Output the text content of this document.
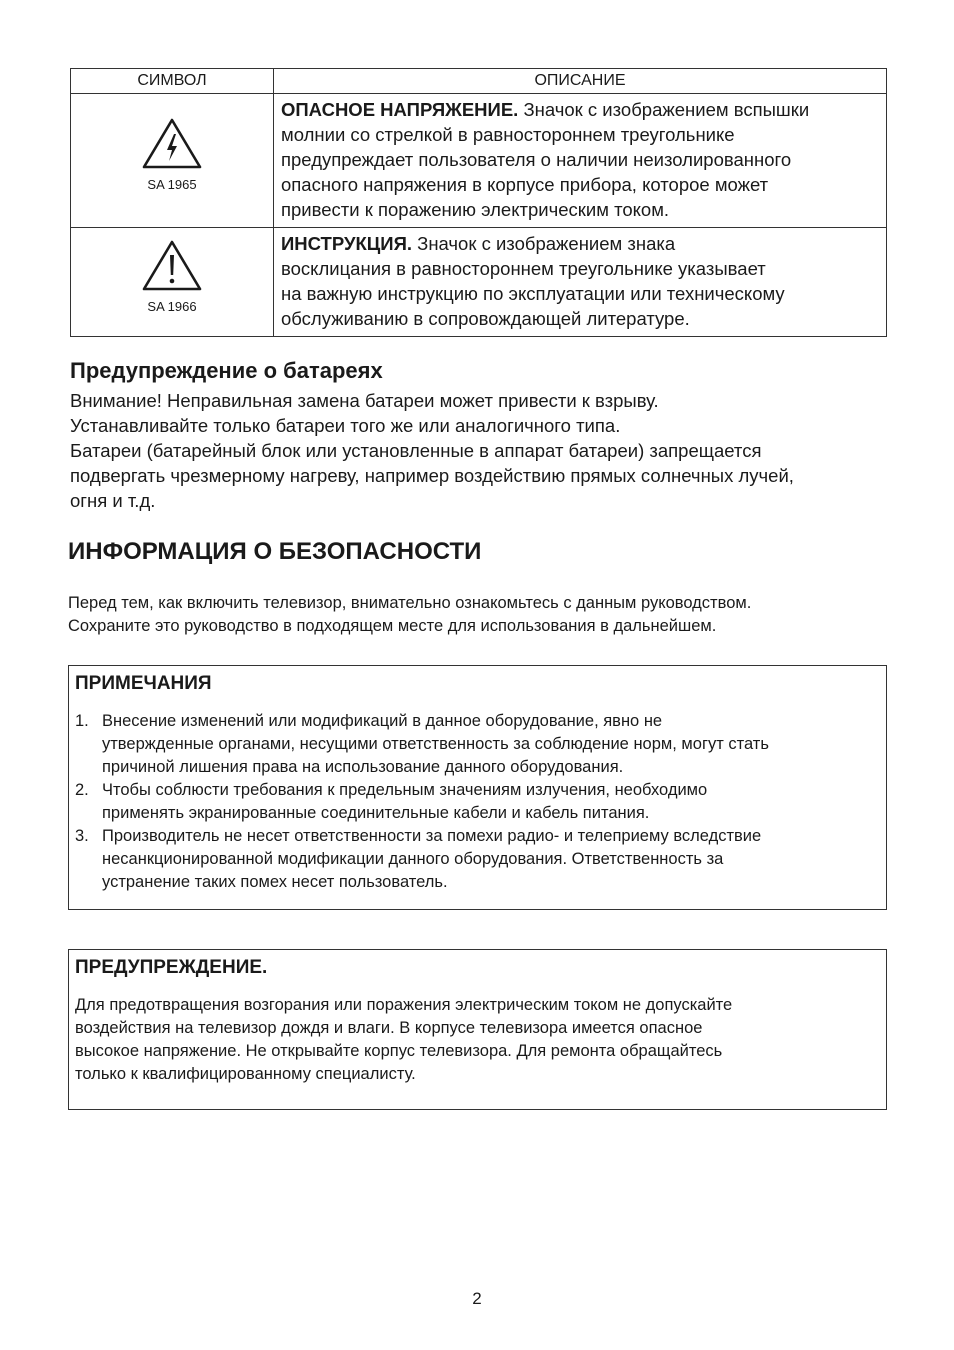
СИМВОЛ	ОПИСАНИЕ

SA 1965	ОПАСНОЕ НАПРЯЖЕНИЕ. Значок с изображением вспышки
молнии со стрелкой в равностороннем треугольнике
предупреждает пользователя о наличии неизолированного
опасного напряжения в корпусе прибора, которое может
привести к поражению электрическим током.

SA 1966	ИНСТРУКЦИЯ. Значок с изображением знака
восклицания в равностороннем треугольнике указывает
на важную инструкцию по эксплуатации или техническому
обслуживанию в сопровождающей литературе.
Предупреждение о батареях
Внимание! Неправильная замена батареи может привести к взрыву.
Устанавливайте только батареи того же или аналогичного типа.
Батареи (батарейный блок или установленные в аппарат батареи) запрещается
подвергать чрезмерному нагреву, например воздействию прямых солнечных лучей,
огня и т.д.
ИНФОРМАЦИЯ О БЕЗОПАСНОСТИ
Перед тем, как включить телевизор, внимательно ознакомьтесь с данным руководством.
Сохраните это руководство в подходящем месте для использования в дальнейшем.
ПРИМЕЧАНИЯ
1. Внесение изменений или модификаций в данное оборудование, явно не
утвержденные органами, несущими ответственность за соблюдение норм, могут стать
причиной лишения права на использование данного оборудования.
2. Чтобы соблюсти требования к предельным значениям излучения, необходимо
применять экранированные соединительные кабели и кабель питания.
3. Производитель не несет ответственности за помехи радио- и телеприему вследствие
несанкционированной модификации данного оборудования. Ответственность за
устранение таких помех несет пользователь.
ПРЕДУПРЕЖДЕНИЕ.
Для предотвращения возгорания или поражения электрическим током не допускайте
воздействия на телевизор дождя и влаги. В корпусе телевизора имеется опасное
высокое напряжение. Не открывайте корпус телевизора. Для ремонта обращайтесь
только к квалифицированному специалисту.
2
